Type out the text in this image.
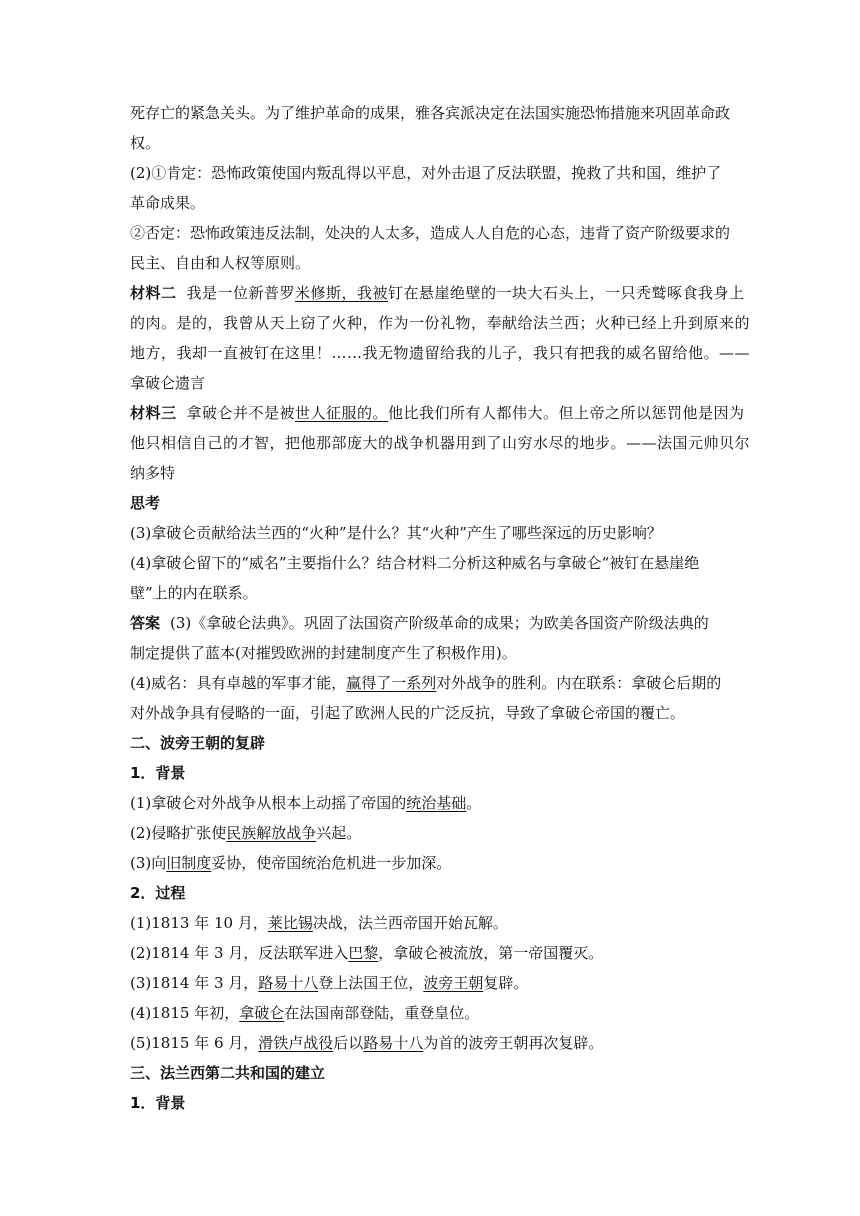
死存亡的紧急关头。为了维护革命的成果，雅各宾派决定在法国实施恐怖措施来巩固革命政

权。

(2)①肯定：恐怖政策使国内叛乱得以平息，对外击退了反法联盟，挽救了共和国，维护了

革命成果。

②否定：恐怖政策违反法制，处决的人太多，造成人人自危的心态，违背了资产阶级要求的

民主、自由和人权等原则。

材料二 我是一位新普罗米修斯，我被钉在悬崖绝壁的一块大石头上，一只秃鹫啄食我身上

的肉。是的，我曾从天上窃了火种，作为一份礼物，奉献给法兰西；火种已经上升到原来的

地方，我却一直被钉在这里！……我无物遗留给我的儿子，我只有把我的威名留给他。——

拿破仑遗言

材料三 拿破仑并不是被世人征服的。他比我们所有人都伟大。但上帝之所以惩罚他是因为

他只相信自己的才智，把他那部庞大的战争机器用到了山穷水尽的地步。——法国元帅贝尔

纳多特

思考

(3)拿破仑贡献给法兰西的“火种”是什么？其“火种”产生了哪些深远的历史影响？

(4)拿破仑留下的“威名”主要指什么？结合材料二分析这种威名与拿破仑“被钉在悬崖绝

壁”上的内在联系。

答案 (3)《拿破仑法典》。巩固了法国资产阶级革命的成果；为欧美各国资产阶级法典的

制定提供了蓝本(对摧毁欧洲的封建制度产生了积极作用)。

(4)威名：具有卓越的军事才能，赢得了一系列对外战争的胜利。内在联系：拿破仑后期的

对外战争具有侵略的一面，引起了欧洲人民的广泛反抗，导致了拿破仑帝国的覆亡。

二、波旁王朝的复辟

1．背景

(1)拿破仑对外战争从根本上动摇了帝国的统治基础。

(2)侵略扩张使民族解放战争兴起。

(3)向旧制度妥协，使帝国统治危机进一步加深。

2．过程

(1)1813 年 10 月，莱比锡决战，法兰西帝国开始瓦解。

(2)1814 年 3 月，反法联军进入巴黎，拿破仑被流放，第一帝国覆灭。

(3)1814 年 3 月，路易十八登上法国王位，波旁王朝复辟。

(4)1815 年初，拿破仑在法国南部登陆，重登皇位。

(5)1815 年 6 月，滑铁卢战役后以路易十八为首的波旁王朝再次复辟。

三、法兰西第二共和国的建立

1．背景
